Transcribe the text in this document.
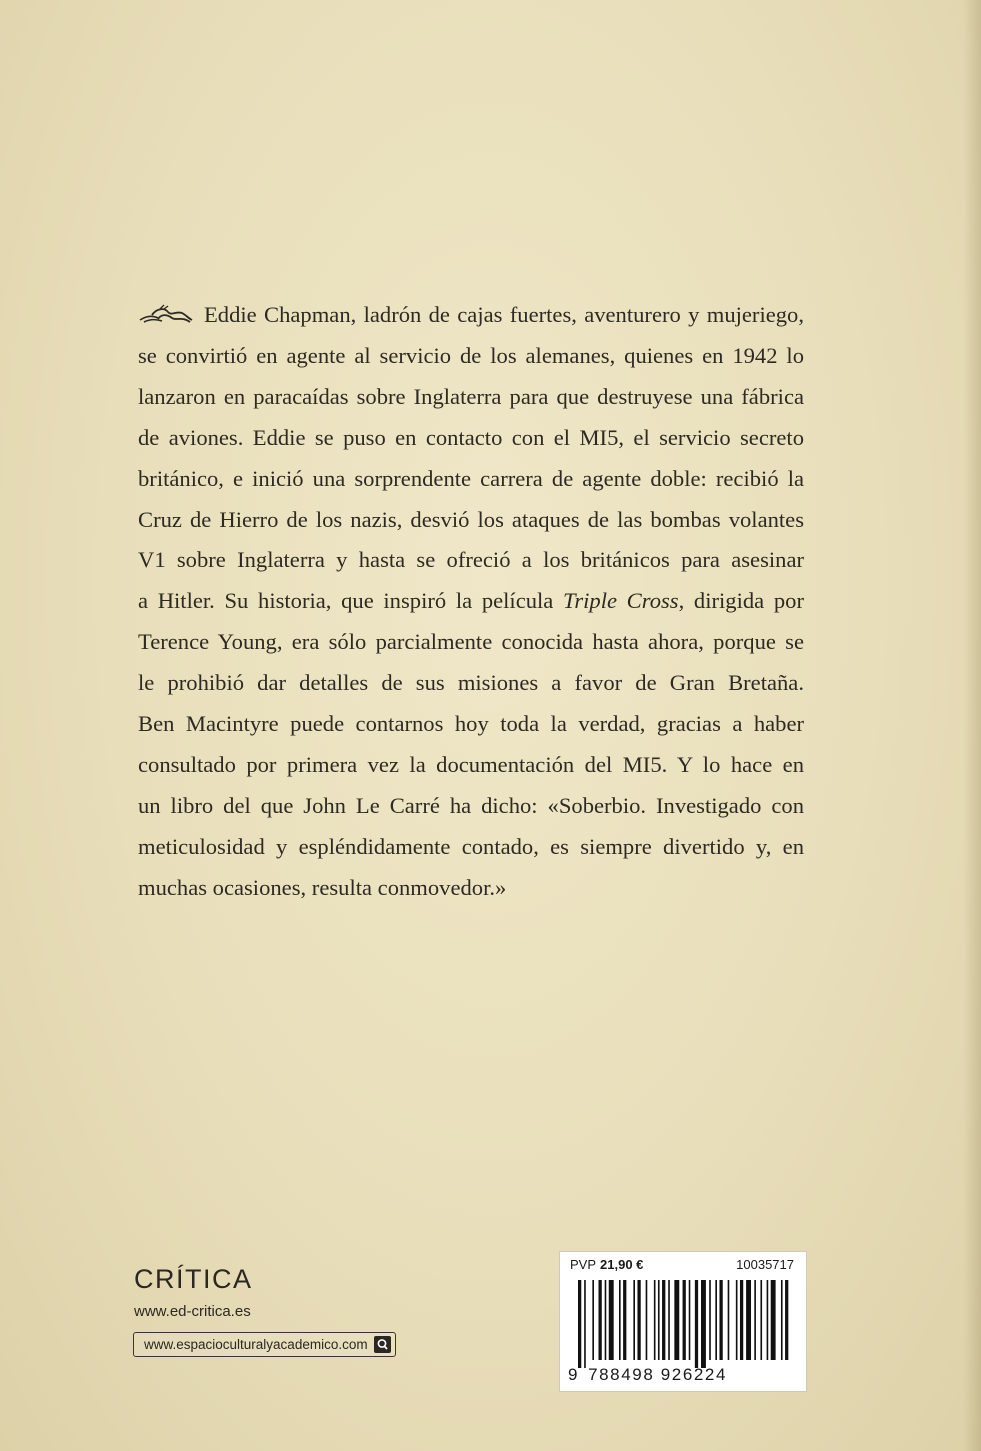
Eddie Chapman, ladrón de cajas fuertes, aventurero y mujeriego,
se convirtió en agente al servicio de los alemanes, quienes en 1942 lo
lanzaron en paracaídas sobre Inglaterra para que destruyese una fábrica
de aviones. Eddie se puso en contacto con el MI5, el servicio secreto
británico, e inició una sorprendente carrera de agente doble: recibió la
Cruz de Hierro de los nazis, desvió los ataques de las bombas volantes
V1 sobre Inglaterra y hasta se ofreció a los británicos para asesinar
a Hitler. Su historia, que inspiró la película Triple Cross, dirigida por
Terence Young, era sólo parcialmente conocida hasta ahora, porque se
le prohibió dar detalles de sus misiones a favor de Gran Bretaña.
Ben Macintyre puede contarnos hoy toda la verdad, gracias a haber
consultado por primera vez la documentación del MI5. Y lo hace en
un libro del que John Le Carré ha dicho: «Soberbio. Investigado con
meticulosidad y espléndidamente contado, es siempre divertido y, en
muchas ocasiones, resulta conmovedor.»
CRÍTICA
www.ed-critica.es
www.espacioculturalyacademico.com
PVP 21,90 €	10035717
9 788498 926224
